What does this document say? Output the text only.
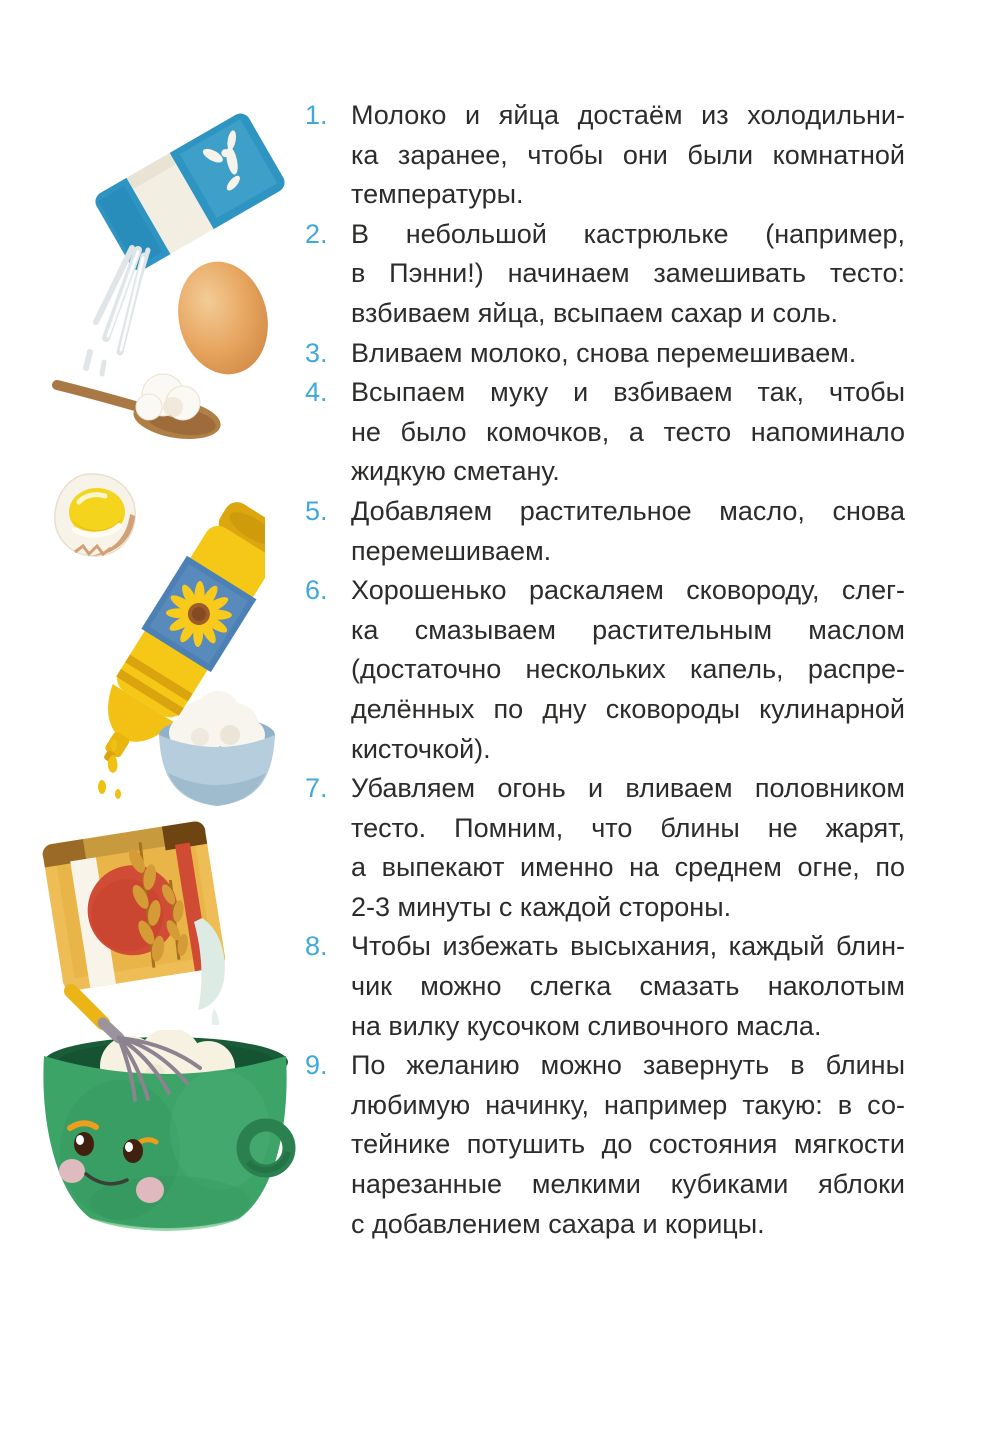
1. Молоко и яйца достаём из холодильни-
ка заранее, чтобы они были комнатной
температуры.
2. В небольшой кастрюльке (например,
в Пэнни!) начинаем замешивать тесто:
взбиваем яйца, всыпаем сахар и соль.
3. Вливаем молоко, снова перемешиваем.
4. Всыпаем муку и взбиваем так, чтобы
не было комочков, а тесто напоминало
жидкую сметану.
5. Добавляем растительное масло, снова
перемешиваем.
6. Хорошенько раскаляем сковороду, слег-
ка смазываем растительным маслом
(достаточно нескольких капель, распре-
делённых по дну сковороды кулинарной
кисточкой).
7. Убавляем огонь и вливаем половником
тесто. Помним, что блины не жарят,
а выпекают именно на среднем огне, по
2-3 минуты с каждой стороны.
8. Чтобы избежать высыхания, каждый блин-
чик можно слегка смазать наколотым
на вилку кусочком сливочного масла.
9. По желанию можно завернуть в блины
любимую начинку, например такую: в со-
тейнике потушить до состояния мягкости
нарезанные мелкими кубиками яблоки
с добавлением сахара и корицы.
